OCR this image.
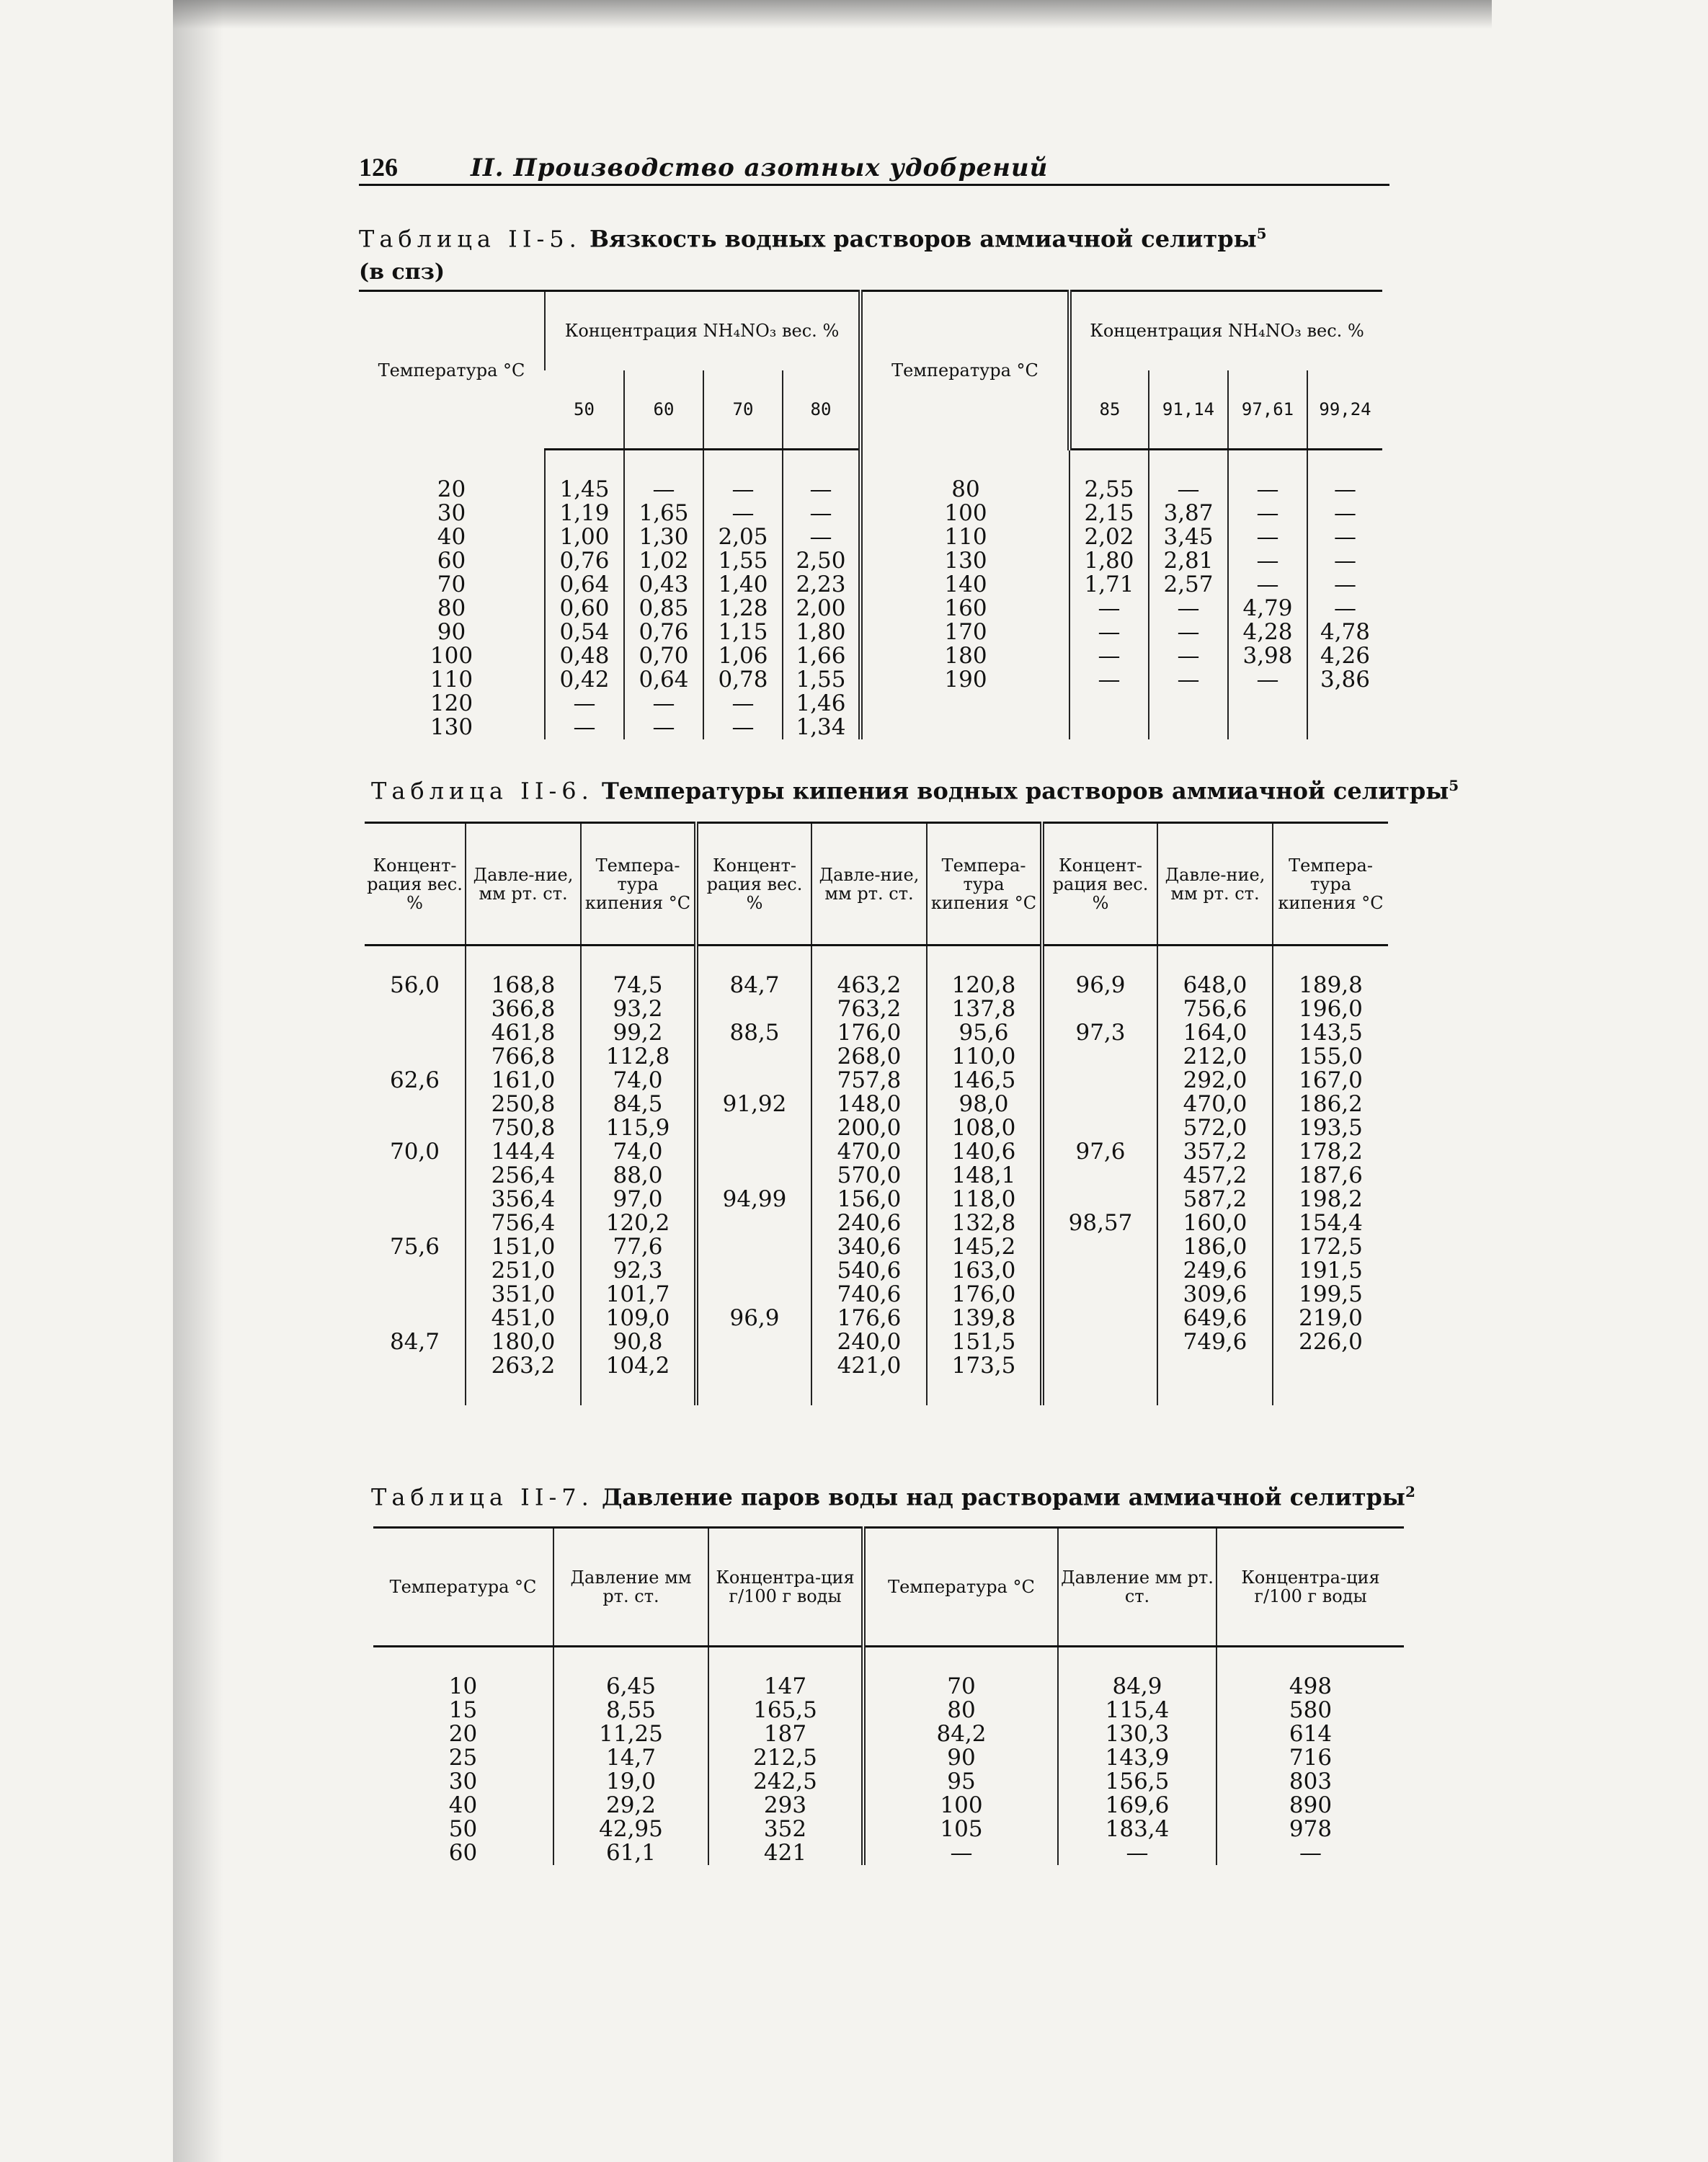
126	II. Производство азотных удобрений
Таблица II-5. Вязкость водных растворов аммиачной селитры$^5$
(в спз)
Температура °С	Концентрация NH₄NO₃ вес. %				Температура °С	Концентрация NH₄NO₃ вес. %			
	50	60	70	80		85	91,14	97,61	99,24

20	1,45	—	—	—	80	2,55	—	—	—
30	1,19	1,65	—	—	100	2,15	3,87	—	—
40	1,00	1,30	2,05	—	110	2,02	3,45	—	—
60	0,76	1,02	1,55	2,50	130	1,80	2,81	—	—
70	0,64	0,43	1,40	2,23	140	1,71	2,57	—	—
80	0,60	0,85	1,28	2,00	160	—	—	4,79	—
90	0,54	0,76	1,15	1,80	170	—	—	4,28	4,78
100	0,48	0,70	1,06	1,66	180	—	—	3,98	4,26
110	0,42	0,64	0,78	1,55	190	—	—	—	3,86
120	—	—	—	1,46					
130	—	—	—	1,34					
Таблица II-6. Температуры кипения водных растворов аммиачной селитры$^5$
Концент-рация вес. %	Давле-ние, мм рт. ст.	Темпера-тура кипения °С	Концент-рация вес. %	Давле-ние, мм рт. ст.	Темпера-тура кипения °С	Концент-рация вес. %	Давле-ние, мм рт. ст.	Темпера-тура кипения °С

56,0	168,8	74,5	84,7	463,2	120,8	96,9	648,0	189,8
	366,8	93,2		763,2	137,8		756,6	196,0
	461,8	99,2	88,5	176,0	95,6	97,3	164,0	143,5
	766,8	112,8		268,0	110,0		212,0	155,0
62,6	161,0	74,0		757,8	146,5		292,0	167,0
	250,8	84,5	91,92	148,0	98,0		470,0	186,2
	750,8	115,9		200,0	108,0		572,0	193,5
70,0	144,4	74,0		470,0	140,6	97,6	357,2	178,2
	256,4	88,0		570,0	148,1		457,2	187,6
	356,4	97,0	94,99	156,0	118,0		587,2	198,2
	756,4	120,2		240,6	132,8	98,57	160,0	154,4
75,6	151,0	77,6		340,6	145,2		186,0	172,5
	251,0	92,3		540,6	163,0		249,6	191,5
	351,0	101,7		740,6	176,0		309,6	199,5
	451,0	109,0	96,9	176,6	139,8		649,6	219,0
84,7	180,0	90,8		240,0	151,5		749,6	226,0
	263,2	104,2		421,0	173,5			

Таблица II-7. Давление паров воды над растворами аммиачной селитры$^2$
Температура °С	Давление мм рт. ст.	Концентра-ция г/100 г воды	Температура °С	Давление мм рт. ст.	Концентра-ция г/100 г воды

10	6,45	147	70	84,9	498
15	8,55	165,5	80	115,4	580
20	11,25	187	84,2	130,3	614
25	14,7	212,5	90	143,9	716
30	19,0	242,5	95	156,5	803
40	29,2	293	100	169,6	890
50	42,95	352	105	183,4	978
60	61,1	421	—	—	—
